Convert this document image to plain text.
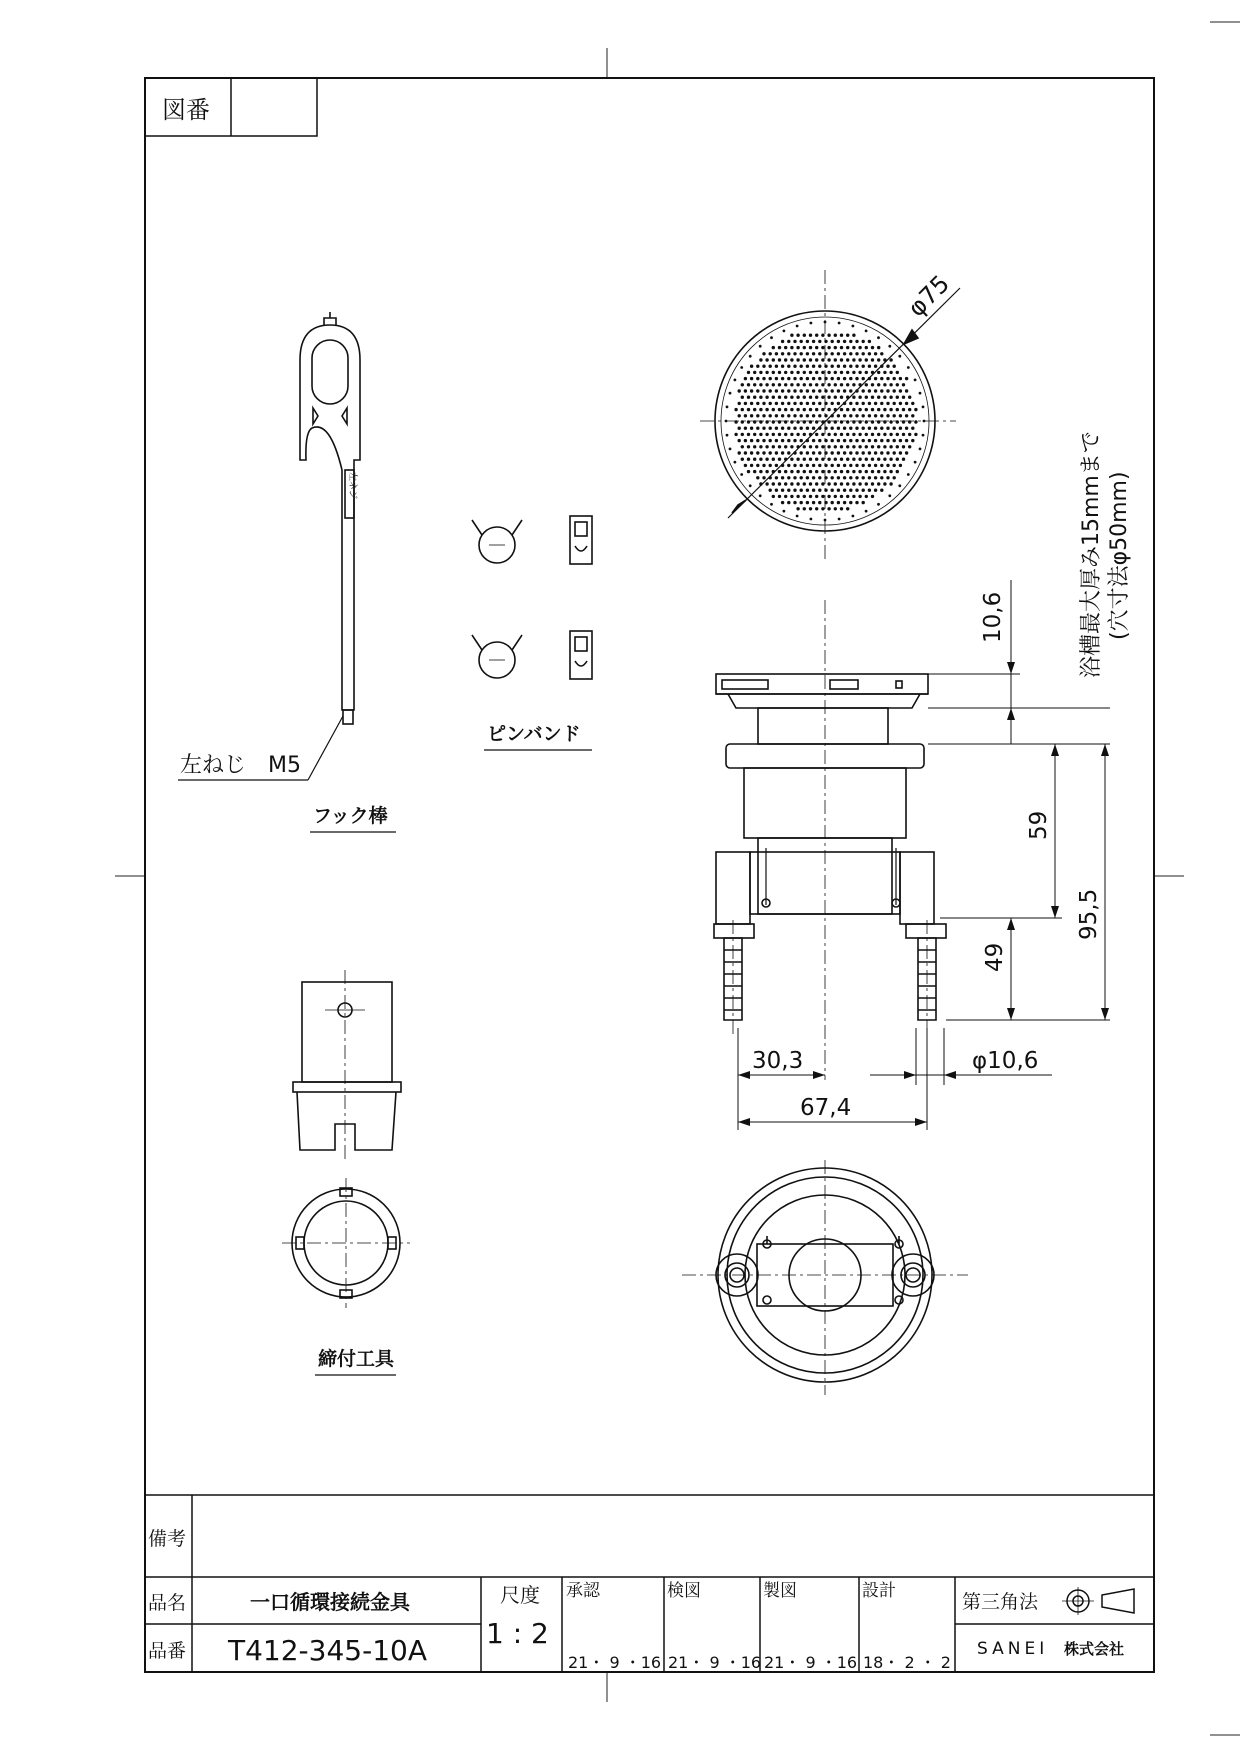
図番
左ネジ
左ねじ　M5
フック棒
ピンバンド
締付工具
φ75
10,6
59
95,5
49
30,3	φ10,6
67,4
浴槽最大厚み15mmまで (穴寸法φ50mm)
備考
品名	一口循環接続金具
品番 T412-345-10A
尺度
1 : 2
承認
21・ 9 ・16
検図
21・ 9 ・16
製図
21・ 9 ・16
設計
18・ 2 ・ 2
第三角法
SANEI 株式会社
